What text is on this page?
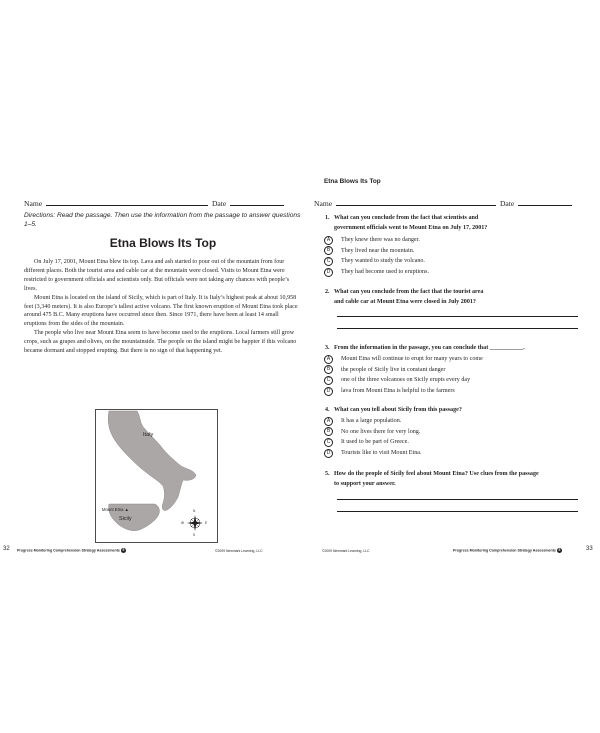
Name	Date
Directions: Read the passage. Then use the information from the passage to answer questions 1–5.
Etna Blows Its Top

On July 17, 2001, Mount Etna blew its top. Lava and ash started to pour out of the mountain from four different places. Both the tourist area and cable car at the mountain were closed. Visits to Mount Etna were restricted to government officials and scientists only. But officials were not taking any chances with people’s lives.

Mount Etna is located on the island of Sicily, which is part of Italy. It is Italy’s highest peak at about 10,958 feet (3,340 meters). It is also Europe’s tallest active volcano. The first known eruption of Mount Etna took place around 475 B.C. Many eruptions have occurred since then. Since 1971, there have been at least 14 small eruptions from the sides of the mountain.

The people who live near Mount Etna seem to have become used to the eruptions. Local farmers still grow crops, such as grapes and olives, on the mountainside. The people on the island might be happier if this volcano became dormant and stopped erupting. But there is no sign of that happening yet.

Italy
Mount Etna ▲
Sicily
N
S
E
W
32 Progress Monitoring Comprehension Strategy Assessments 5	©2009 Newmark Learning, LLC
Etna Blows Its Top
Name	Date
1. What can you conclude from the fact that scientists and
government officials went to Mount Etna on July 17, 2001?
A	They knew there was no danger.
B	They lived near the mountain.
C	They wanted to study the volcano.
D	They had become used to eruptions.
2. What can you conclude from the fact that the tourist area
and cable car at Mount Etna were closed in July 2001?
3. From the information in the passage, you can conclude that ___________.
A	Mount Etna will continue to erupt for many years to come
B	the people of Sicily live in constant danger
C	one of the three volcanoes on Sicily erupts every day
D	lava from Mount Etna is helpful to the farmers
4. What can you tell about Sicily from this passage?
A	It has a large population.
B	No one lives there for very long.
C	It used to be part of Greece.
D	Tourists like to visit Mount Etna.
5. How do the people of Sicily feel about Mount Etna? Use clues from the passage
to support your answer.
©2009 Newmark Learning, LLC	Progress Monitoring Comprehension Strategy Assessments 5	33
